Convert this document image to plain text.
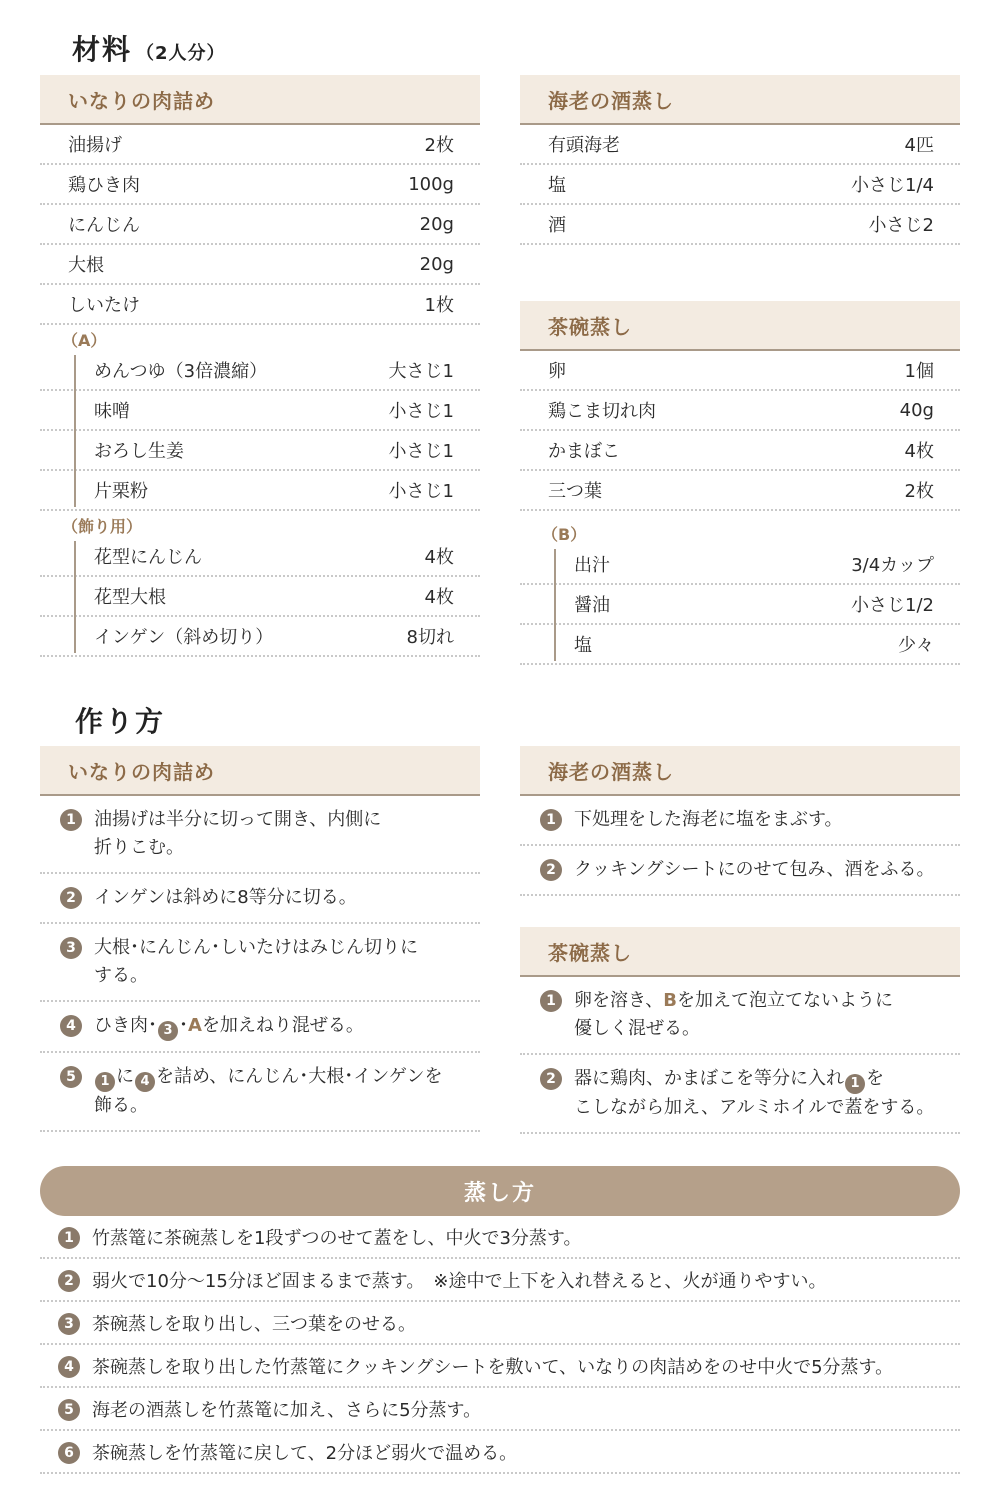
材料 （2人分）
いなりの肉詰め
油揚げ	2枚
鶏ひき肉	100g
にんじん	20g
大根	20g
しいたけ	1枚
（A）
めんつゆ（3倍濃縮）	大さじ1
味噌	小さじ1
おろし生姜	小さじ1
片栗粉	小さじ1
（飾り用）
花型にんじん	4枚
花型大根	4枚
インゲン（斜め切り）	8切れ
海老の酒蒸し
有頭海老	4匹
塩	小さじ1/4
酒	小さじ2
茶碗蒸し
卵	1個
鶏こま切れ肉	40g
かまぼこ	4枚
三つ葉	2枚
（B）
出汁	3/4カップ
醤油	小さじ1/2
塩	少々
作り方
いなりの肉詰め
1	油揚げは半分に切って開き、内側に
折りこむ。
2	インゲンは斜めに8等分に切る。
3	大根･にんじん･しいたけはみじん切りに
する。
4	ひき肉･ 3 ･Aを加えねり混ぜる。
5	1 に 4 を詰め、にんじん･大根･インゲンを
飾る。
海老の酒蒸し
1	下処理をした海老に塩をまぶす。
2	クッキングシートにのせて包み、酒をふる。
茶碗蒸し
1	卵を溶き、Bを加えて泡立てないように
優しく混ぜる。
2	器に鶏肉、かまぼこを等分に入れ 1 を
こしながら加え、アルミホイルで蓋をする。
蒸し方
1	竹蒸篭に茶碗蒸しを1段ずつのせて蓋をし、中火で3分蒸す。
2	弱火で10分～15分ほど固まるまで蒸す。　※途中で上下を入れ替えると、火が通りやすい。
3	茶碗蒸しを取り出し、三つ葉をのせる。
4	茶碗蒸しを取り出した竹蒸篭にクッキングシートを敷いて、いなりの肉詰めをのせ中火で5分蒸す。
5	海老の酒蒸しを竹蒸篭に加え、さらに5分蒸す。
6	茶碗蒸しを竹蒸篭に戻して、2分ほど弱火で温める。
